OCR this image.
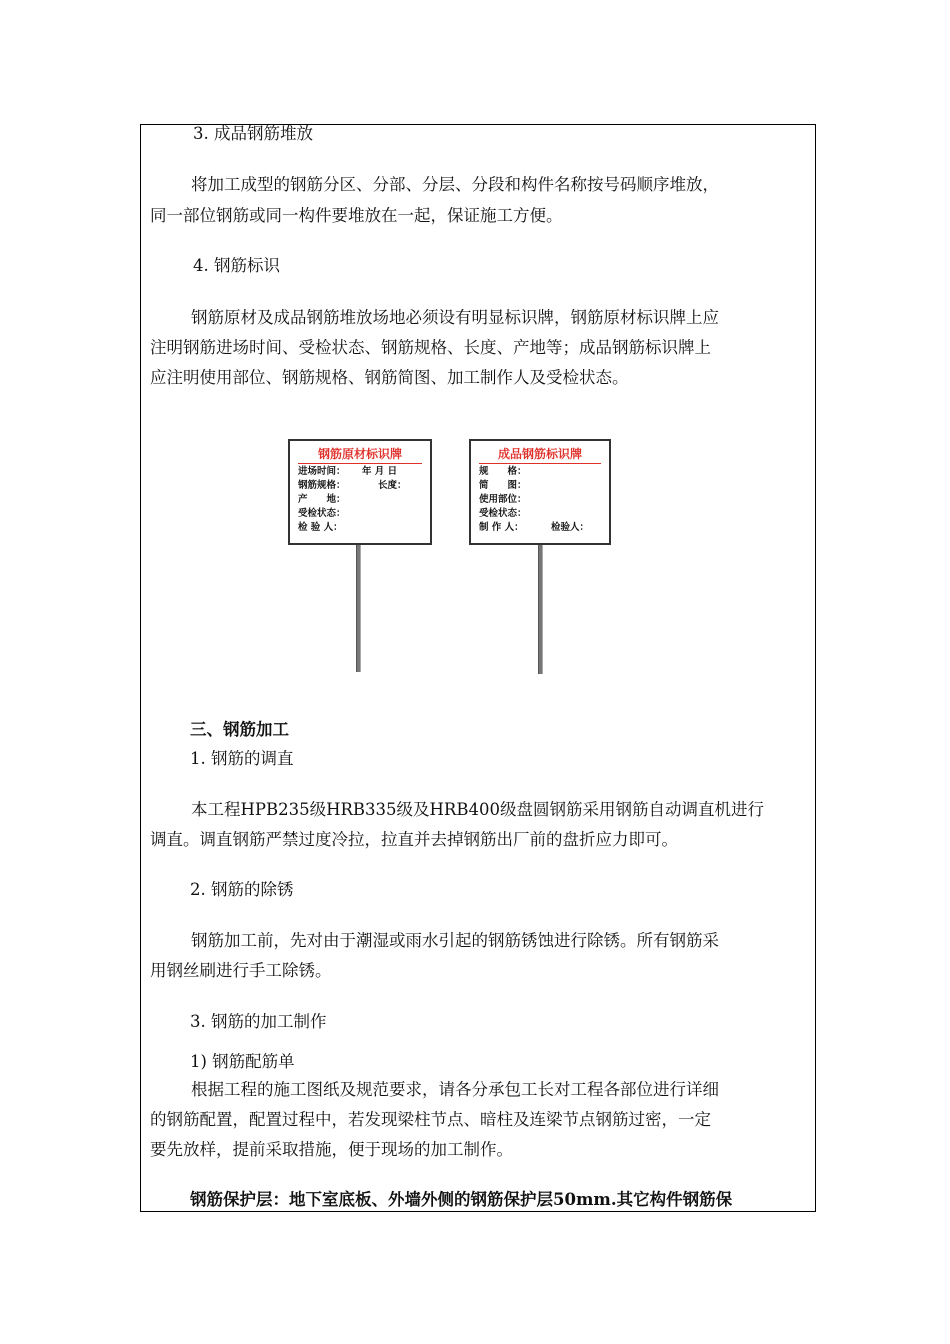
3. 成品钢筋堆放
将加工成型的钢筋分区、分部、分层、分段和构件名称按号码顺序堆放，
同一部位钢筋或同一构件要堆放在一起，保证施工方便。
4. 钢筋标识
钢筋原材及成品钢筋堆放场地必须设有明显标识牌，钢筋原材标识牌上应
注明钢筋进场时间、受检状态、钢筋规格、长度、产地等；成品钢筋标识牌上
应注明使用部位、钢筋规格、钢筋简图、加工制作人及受检状态。
钢筋原材标识牌
进场时间： 年 月 日
钢筋规格：	长度：
产　　地：
受检状态：
检 验 人：
成品钢筋标识牌
规　　格：
简　　图：
使用部位：
受检状态：
制 作 人：	检验人：
三、钢筋加工
1. 钢筋的调直
本工程HPB235级HRB335级及HRB400级盘圆钢筋采用钢筋自动调直机进行
调直。调直钢筋严禁过度冷拉，拉直并去掉钢筋出厂前的盘折应力即可。
2. 钢筋的除锈
钢筋加工前，先对由于潮湿或雨水引起的钢筋锈蚀进行除锈。所有钢筋采
用钢丝刷进行手工除锈。
3. 钢筋的加工制作
1) 钢筋配筋单
根据工程的施工图纸及规范要求，请各分承包工长对工程各部位进行详细
的钢筋配置，配置过程中，若发现梁柱节点、暗柱及连梁节点钢筋过密，一定
要先放样，提前采取措施，便于现场的加工制作。
钢筋保护层：地下室底板、外墙外侧的钢筋保护层50mm.其它构件钢筋保
